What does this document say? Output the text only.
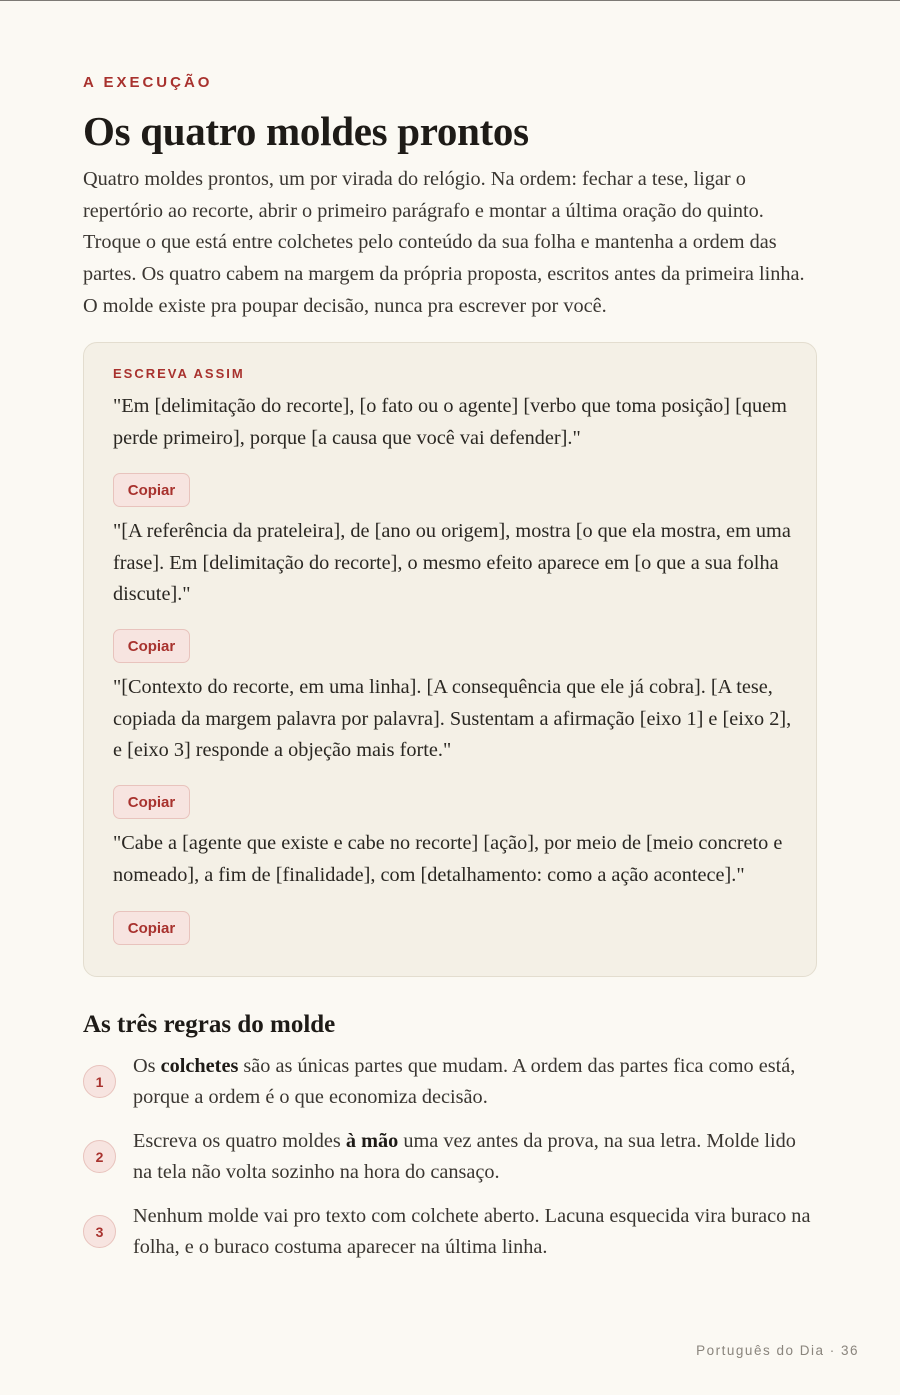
A EXECUÇÃO
Os quatro moldes prontos

Quatro moldes prontos, um por virada do relógio. Na ordem: fechar a tese, ligar o repertório ao recorte, abrir o primeiro parágrafo e montar a última oração do quinto. Troque o que está entre colchetes pelo conteúdo da sua folha e mantenha a ordem das partes. Os quatro cabem na margem da própria proposta, escritos antes da primeira linha. O molde existe pra poupar decisão, nunca pra escrever por você.

ESCREVA ASSIM

"Em [delimitação do recorte], [o fato ou o agente] [verbo que toma posição] [quem perde primeiro], porque [a causa que você vai defender]."

Copiar

"[A referência da prateleira], de [ano ou origem], mostra [o que ela mostra, em uma frase]. Em [delimitação do recorte], o mesmo efeito aparece em [o que a sua folha discute]."

Copiar

"[Contexto do recorte, em uma linha]. [A consequência que ele já cobra]. [A tese, copiada da margem palavra por palavra]. Sustentam a afirmação [eixo 1] e [eixo 2], e [eixo 3] responde a objeção mais forte."

Copiar

"Cabe a [agente que existe e cabe no recorte] [ação], por meio de [meio concreto e nomeado], a fim de [finalidade], com [detalhamento: como a ação acontece]."

Copiar
As três regras do molde
1

Os colchetes são as únicas partes que mudam. A ordem das partes fica como está, porque a ordem é o que economiza decisão.

2

Escreva os quatro moldes à mão uma vez antes da prova, na sua letra. Molde lido na tela não volta sozinho na hora do cansaço.

3

Nenhum molde vai pro texto com colchete aberto. Lacuna esquecida vira buraco na folha, e o buraco costuma aparecer na última linha.

Português do Dia · 36
